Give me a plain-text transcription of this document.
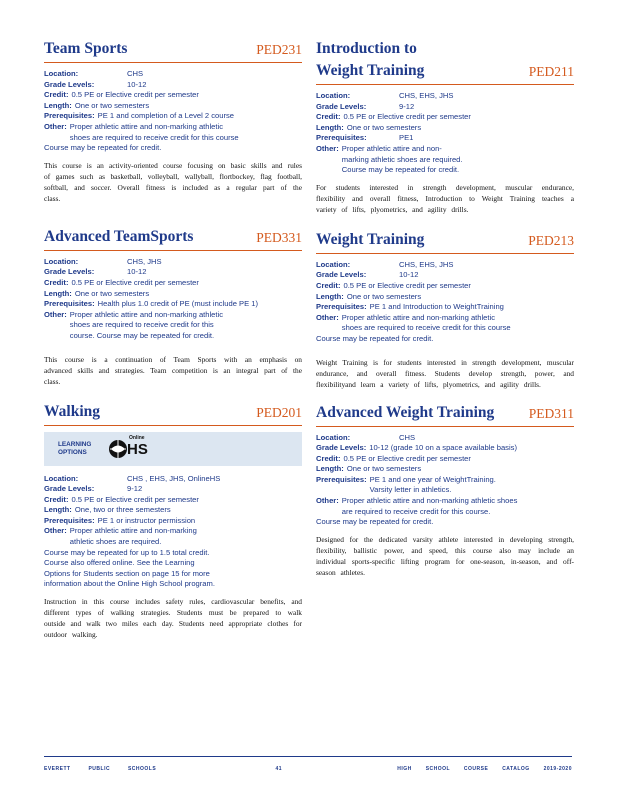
Team Sports	PED231
Location:	CHS
Grade Levels:	10-12
Credit: 0.5 PE or Elective credit per semester
Length: One or two semesters
Prerequisites: PE 1 and completion of a Level 2 course
Other: Proper athletic attire and non-marking athletic
shoes are required to receive credit for this course
Course may be repeated for credit.
This course is an activity-oriented course focusing on basic skills and rules of games such as basketball, volleyball, wallyball, flortbockey, flag football, softball, and soccer. Overall fitness is included as a regular part of the class.
Advanced TeamSports	PED331
Location:	CHS, JHS
Grade Levels:	10-12
Credit: 0.5 PE or Elective credit per semester
Length: One or two semesters
Prerequisites: Health plus 1.0 credit of PE (must include PE 1)
Other: Proper athletic attire and non-marking athletic
shoes are required to receive credit for this
course. Course may be repeated for credit.
This course is a continuation of Team Sports with an emphasis on advanced skills and strategies. Team competition is an integral part of the class.
Walking	PED201
LEARNING
OPTIONS
Online
HS
Location:	CHS , EHS, JHS, OnlineHS
Grade Levels:	9-12
Credit: 0.5 PE or Elective credit per semester
Length: One, two or three semesters
Prerequisites: PE 1 or instructor permission
Other: Proper athletic attire and non-marking
athletic shoes are required.
Course may be repeated for up to 1.5 total credit.
Course also offered online. See the Learning
Options for Students section on page 15 for more
information about the Online High School program.
Instruction in this course includes safety rules, cardiovascular benefits, and different types of walking strategies. Students must be prepared to walk outside and walk two miles each day. Students need appropriate clothes for outdoor walking.
Introduction to
Weight Training	PED211
Location:	CHS, EHS, JHS
Grade Levels:	9-12
Credit: 0.5 PE or Elective credit per semester
Length: One or two semesters
Prerequisites:	PE1
Other: Proper athletic attire and non-
marking athletic shoes are required.
Course may be repeated for credit.
For students interested in strength development, muscular endurance, flexibility and overall fitness, Introduction to Weight Training teaches a variety of lifts, plyometrics, and agility drills.
Weight Training	PED213
Location:	CHS, EHS, JHS
Grade Levels:	10-12
Credit: 0.5 PE or Elective credit per semester
Length: One or two semesters
Prerequisites: PE 1 and Introduction to WeightTraining
Other: Proper athletic attire and non-marking athletic
shoes are required to receive credit for this course
Course may be repeated for credit.
Weight Training is for students interested in strength development, muscular endurance, and overall fitness. Students develop strength, power, and flexibilityand learn a variety of lifts, plyometrics, and agility drills.
Advanced Weight Training	PED311
Location:	CHS
Grade Levels: 10-12 (grade 10 on a space available basis)
Credit: 0.5 PE or Elective credit per semester
Length: One or two semesters
Prerequisites: PE 1 and one year of WeightTraining.
Varsity letter in athletics.
Other: Proper athletic attire and non-marking athletic shoes
are required to receive credit for this course.
Course may be repeated for credit.
Designed for the dedicated varsity athlete interested in developing strength, flexibility, ballistic power, and speed, this course also may include an individual sports-specific lifting program for one-season, in-season, and off-season athletes.
EVERETT	PUBLIC	SCHOOLS	41	HIGH	SCHOOL	COURSE	CATALOG	2019-2020
